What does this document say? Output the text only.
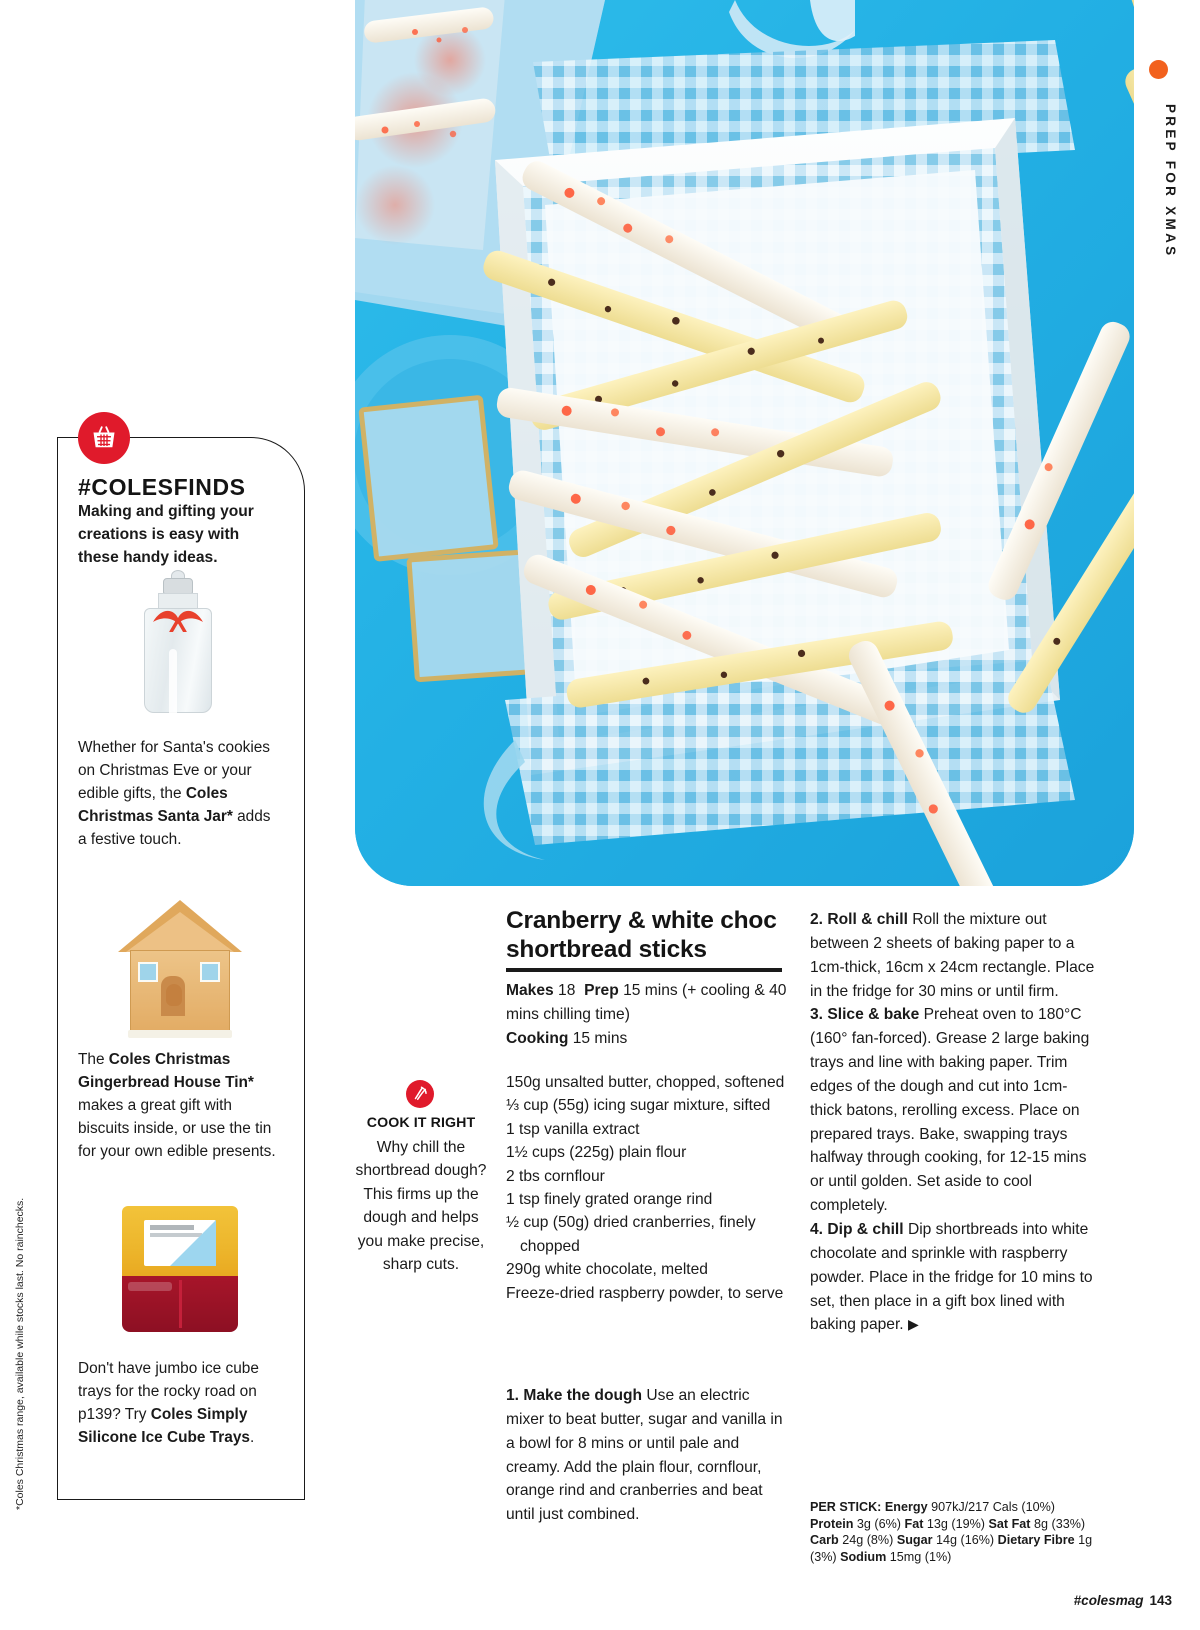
*Coles Christmas range, available while stocks last. No rainchecks.
PREP FOR XMAS
#COLESFINDS
Making and gifting your creations is easy with these handy ideas.
Whether for Santa's cookies on Christmas Eve or your edible gifts, the Coles Christmas Santa Jar* adds a festive touch.
The Coles Christmas Gingerbread House Tin* makes a great gift with biscuits inside, or use the tin for your own edible presents.
Don't have jumbo ice cube trays for the rocky road on p139? Try Coles Simply Silicone Ice Cube Trays.
Cranberry & white choc shortbread sticks
Makes 18 Prep 15 mins (+ cooling & 40 mins chilling time)
Cooking 15 mins
150g unsalted butter, chopped, softened
⅓ cup (55g) icing sugar mixture, sifted
1 tsp vanilla extract
1½ cups (225g) plain flour
2 tbs cornflour
1 tsp finely grated orange rind
½ cup (50g) dried cranberries, finely chopped
290g white chocolate, melted
Freeze-dried raspberry powder, to serve
1. Make the dough Use an electric mixer to beat butter, sugar and vanilla in a bowl for 8 mins or until pale and creamy. Add the plain flour, cornflour, orange rind and cranberries and beat until just combined.
2. Roll & chill Roll the mixture out between 2 sheets of baking paper to a 1cm-thick, 16cm x 24cm rectangle. Place in the fridge for 30 mins or until firm.
3. Slice & bake Preheat oven to 180°C (160° fan-forced). Grease 2 large baking trays and line with baking paper. Trim edges of the dough and cut into 1cm-thick batons, rerolling excess. Place on prepared trays. Bake, swapping trays halfway through cooking, for 12-15 mins or until golden. Set aside to cool completely.
4. Dip & chill Dip shortbreads into white chocolate and sprinkle with raspberry powder. Place in the fridge for 10 mins to set, then place in a gift box lined with baking paper. ▶
PER STICK: Energy 907kJ/217 Cals (10%) Protein 3g (6%) Fat 13g (19%) Sat Fat 8g (33%) Carb 24g (8%) Sugar 14g (16%) Dietary Fibre 1g (3%) Sodium 15mg (1%)
COOK IT RIGHT
Why chill the shortbread dough? This firms up the dough and helps you make precise, sharp cuts.
#colesmag 143
